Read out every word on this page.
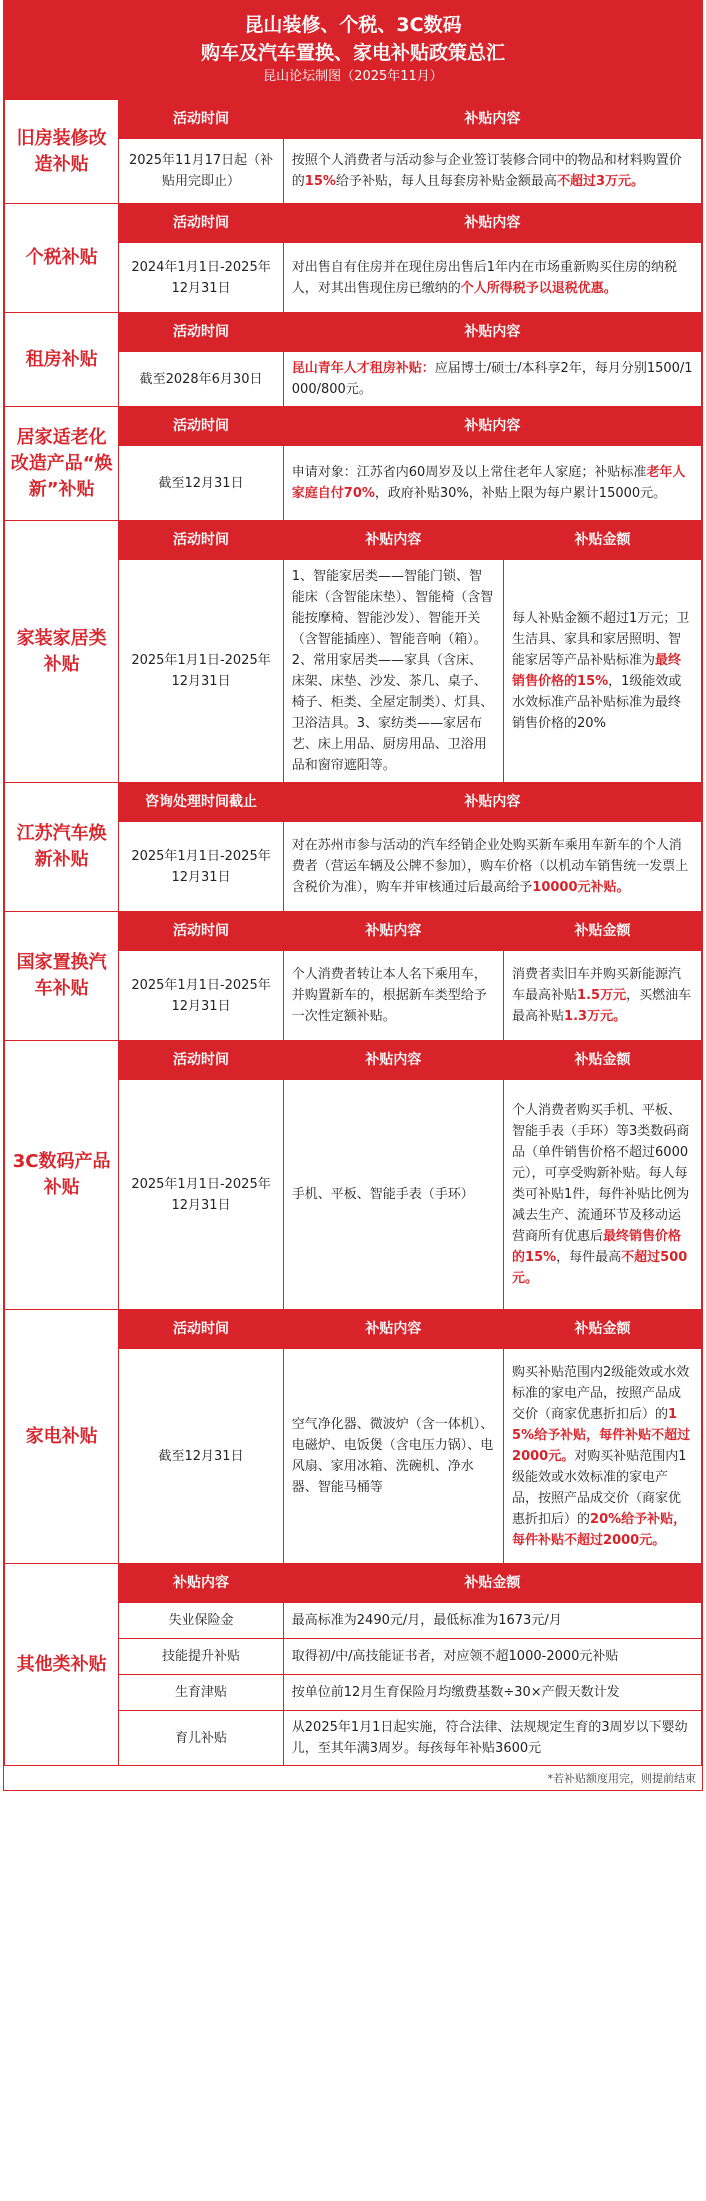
昆山装修、个税、3C数码
购车及汽车置换、家电补贴政策总汇
昆山论坛制图（2025年11月）
旧房装修改造补贴	活动时间	补贴内容	
	2025年11月17日起（补贴用完即止）	按照个人消费者与活动参与企业签订装修合同中的物品和材料购置价的15%给予补贴，每人且每套房补贴金额最高不超过3万元。	
个税补贴	活动时间	补贴内容	
	2024年1月1日-2025年12月31日	对出售自有住房并在现住房出售后1年内在市场重新购买住房的纳税人，对其出售现住房已缴纳的个人所得税予以退税优惠。	
租房补贴	活动时间	补贴内容	
	截至2028年6月30日	昆山青年人才租房补贴：应届博士/硕士/本科享2年，每月分别1500/1000/800元。	
居家适老化改造产品“焕新”补贴	活动时间	补贴内容	
	截至12月31日	申请对象：江苏省内60周岁及以上常住老年人家庭；补贴标准老年人家庭自付70%，政府补贴30%，补贴上限为每户累计15000元。	
家装家居类补贴	活动时间	补贴内容	补贴金额
	2025年1月1日-2025年12月31日	1、智能家居类——智能门锁、智能床（含智能床垫）、智能椅（含智能按摩椅、智能沙发）、智能开关（含智能插座）、智能音响（箱）。2、常用家居类——家具（含床、床架、床垫、沙发、茶几、桌子、椅子、柜类、全屋定制类）、灯具、卫浴洁具。3、家纺类——家居布艺、床上用品、厨房用品、卫浴用品和窗帘遮阳等。	每人补贴金额不超过1万元；卫生洁具、家具和家居照明、智能家居等产品补贴标准为最终销售价格的15%，1级能效或水效标准产品补贴标准为最终销售价格的20%
江苏汽车焕新补贴	咨询处理时间截止	补贴内容	
	2025年1月1日-2025年12月31日	对在苏州市参与活动的汽车经销企业处购买新车乘用车新车的个人消费者（营运车辆及公牌不参加），购车价格（以机动车销售统一发票上含税价为准），购车并审核通过后最高给予10000元补贴。	
国家置换汽车补贴	活动时间	补贴内容	补贴金额
	2025年1月1日-2025年12月31日	个人消费者转让本人名下乘用车，并购置新车的，根据新车类型给予一次性定额补贴。	消费者卖旧车并购买新能源汽车最高补贴1.5万元，买燃油车最高补贴1.3万元。
3C数码产品补贴	活动时间	补贴内容	补贴金额
	2025年1月1日-2025年12月31日	手机、平板、智能手表（手环）	个人消费者购买手机、平板、智能手表（手环）等3类数码商品（单件销售价格不超过6000元），可享受购新补贴。每人每类可补贴1件，每件补贴比例为减去生产、流通环节及移动运营商所有优惠后最终销售价格的15%，每件最高不超过500元。
家电补贴	活动时间	补贴内容	补贴金额
	截至12月31日	空气净化器、微波炉（含一体机）、电磁炉、电饭煲（含电压力锅）、电风扇、家用冰箱、洗碗机、净水器、智能马桶等	购买补贴范围内2级能效或水效标准的家电产品，按照产品成交价（商家优惠折扣后）的15%给予补贴，每件补贴不超过2000元。对购买补贴范围内1级能效或水效标准的家电产品，按照产品成交价（商家优惠折扣后）的20%给予补贴，每件补贴不超过2000元。
其他类补贴	补贴内容	补贴金额	
	失业保险金	最高标准为2490元/月，最低标准为1673元/月	
	技能提升补贴	取得初/中/高技能证书者，对应领不超1000-2000元补贴	
	生育津贴	按单位前12月生育保险月均缴费基数÷30×产假天数计发	
	育儿补贴	从2025年1月1日起实施，符合法律、法规规定生育的3周岁以下婴幼儿，至其年满3周岁。每孩每年补贴3600元	
*若补贴额度用完，则提前结束
